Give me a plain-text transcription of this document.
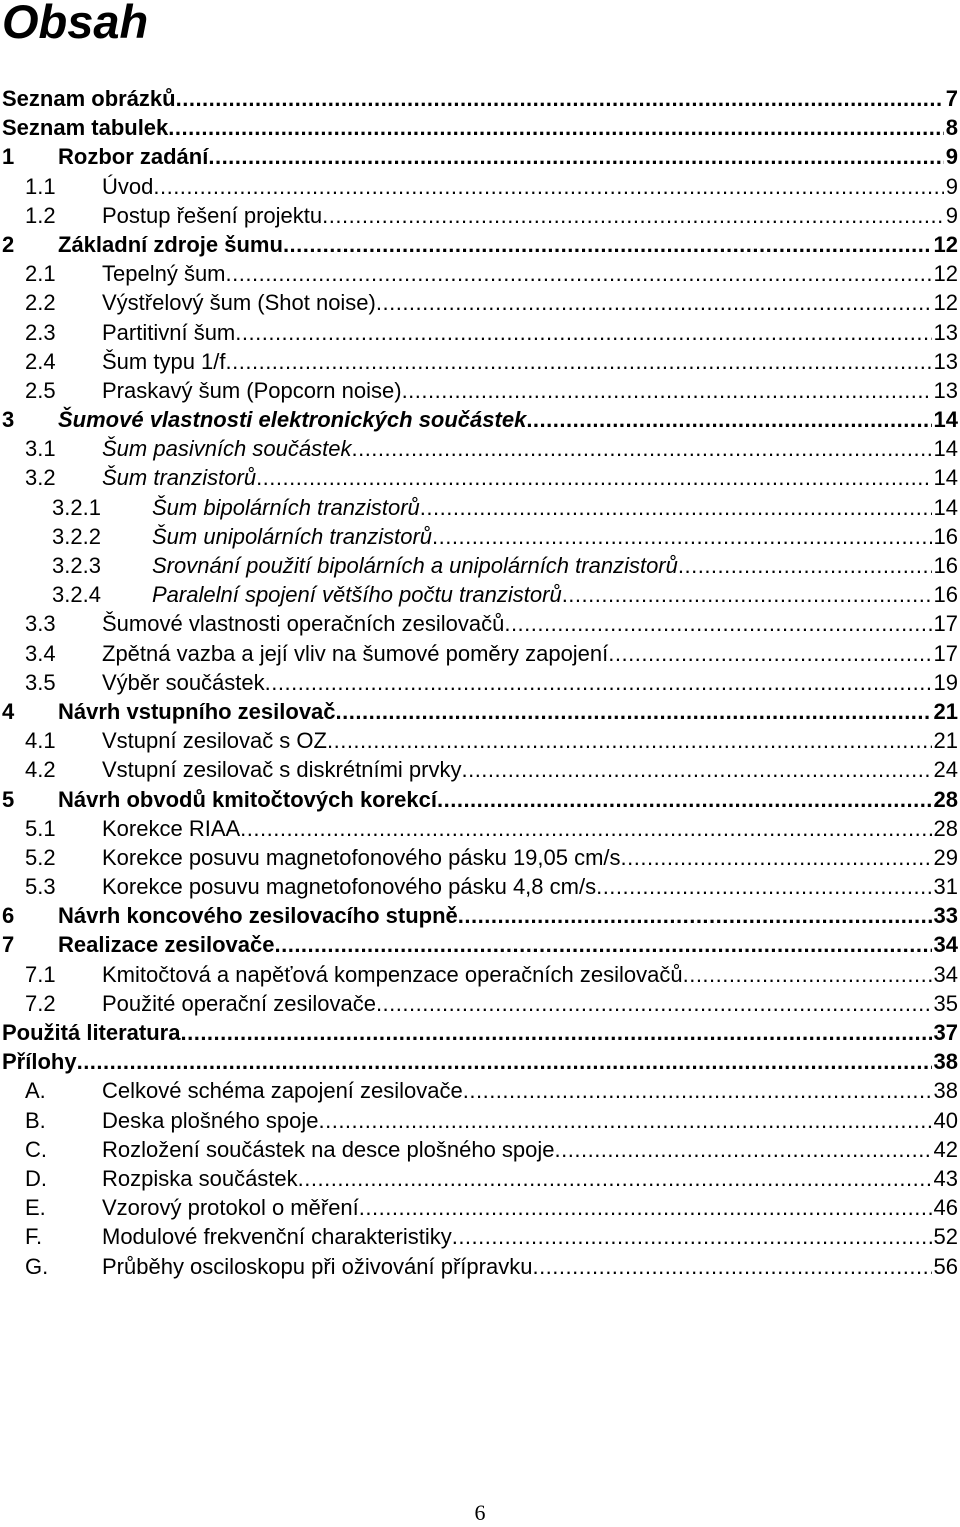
Obsah
Seznam obrázků .....	7
Seznam tabulek .....	8
1 Rozbor zadání .....	9
1.1 Úvod .....	9
1.2 Postup řešení projektu .....	9
2 Základní zdroje šumu .....	12
2.1 Tepelný šum .....	12
2.2 Výstřelový šum (Shot noise) .....	12
2.3 Partitivní šum .....	13
2.4 Šum typu 1/f .....	13
2.5 Praskavý šum (Popcorn noise) .....	13
3 Šumové vlastnosti elektronických součástek .....	14
3.1 Šum pasivních součástek .....	14
3.2 Šum tranzistorů .....	14
3.2.1 Šum bipolárních tranzistorů .....	14
3.2.2 Šum unipolárních tranzistorů .....	16
3.2.3 Srovnání použití bipolárních a unipolárních tranzistorů .....	16
3.2.4 Paralelní spojení většího počtu tranzistorů .....	16
3.3 Šumové vlastnosti operačních zesilovačů .....	17
3.4 Zpětná vazba a její vliv na šumové poměry zapojení .....	17
3.5 Výběr součástek .....	19
4 Návrh vstupního zesilovač .....	21
4.1 Vstupní zesilovač s OZ .....	21
4.2 Vstupní zesilovač s diskrétními prvky .....	24
5 Návrh obvodů kmitočtových korekcí .....	28
5.1 Korekce RIAA .....	28
5.2 Korekce posuvu magnetofonového pásku 19,05 cm/s .....	29
5.3 Korekce posuvu magnetofonového pásku 4,8 cm/s .....	31
6 Návrh koncového zesilovacího stupně .....	33
7 Realizace zesilovače .....	34
7.1 Kmitočtová a napěťová kompenzace operačních zesilovačů .....	34
7.2 Použité operační zesilovače .....	35
Použitá literatura .....	37
Přílohy .....	38
A.	Celkové schéma zapojení zesilovače .....	38
B.	Deska plošného spoje .....	40
C.	Rozložení součástek na desce plošného spoje .....	42
D.	Rozpiska součástek .....	43
E.	Vzorový protokol o měření .....	46
F.	Modulové frekvenční charakteristiky .....	52
G. Průběhy osciloskopu při oživování přípravku .....	56
6
